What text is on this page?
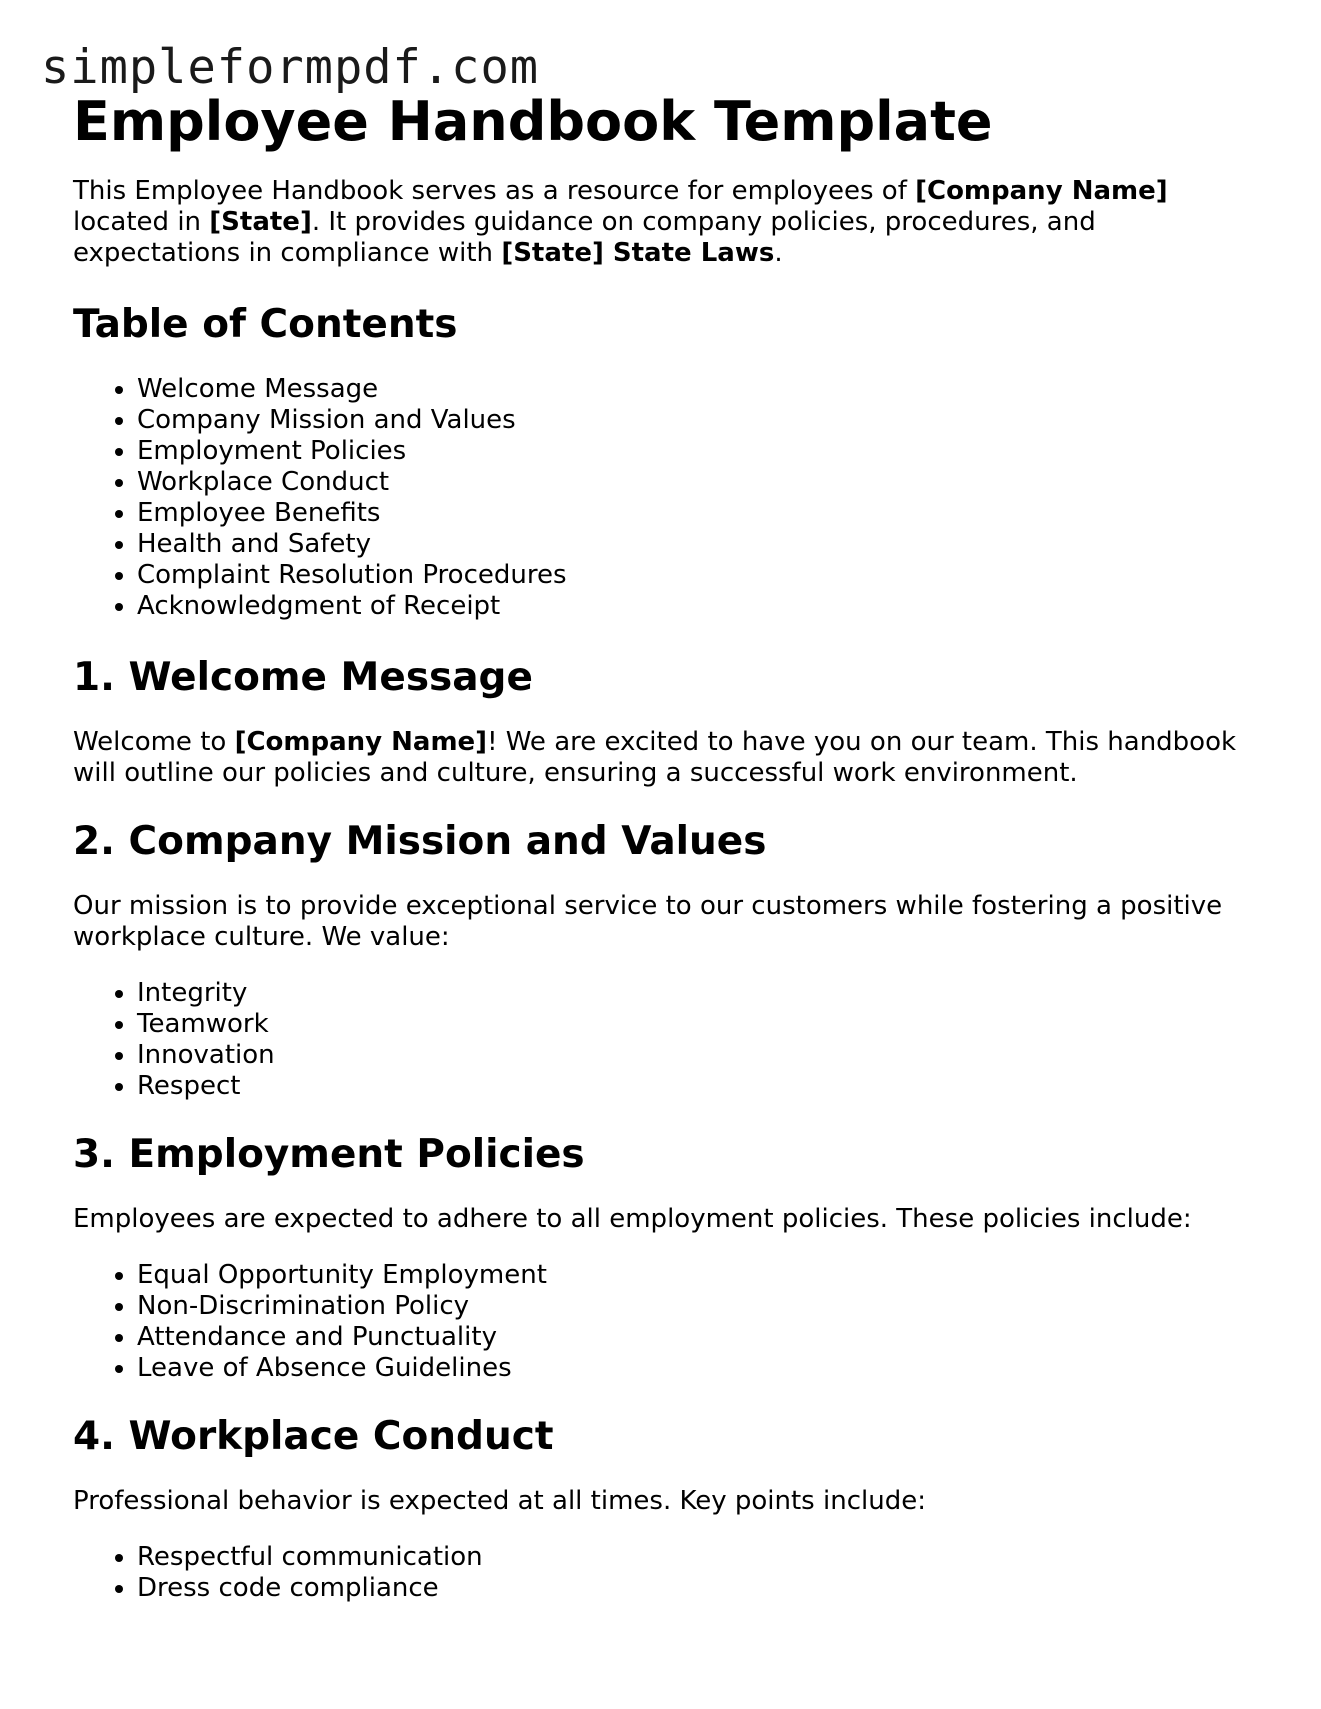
simpleformpdf.com
Employee Handbook Template

This Employee Handbook serves as a resource for employees of [Company Name] located in [State]. It provides guidance on company policies, procedures, and expectations in compliance with [State] State Laws.

Table of Contents
• Welcome Message
• Company Mission and Values
• Employment Policies
• Workplace Conduct
• Employee Benefits
• Health and Safety
• Complaint Resolution Procedures
• Acknowledgment of Receipt
1. Welcome Message

Welcome to [Company Name]! We are excited to have you on our team. This handbook will outline our policies and culture, ensuring a successful work environment.

2. Company Mission and Values

Our mission is to provide exceptional service to our customers while fostering a positive workplace culture. We value:

• Integrity
• Teamwork
• Innovation
• Respect
3. Employment Policies

Employees are expected to adhere to all employment policies. These policies include:

• Equal Opportunity Employment
• Non-Discrimination Policy
• Attendance and Punctuality
• Leave of Absence Guidelines
4. Workplace Conduct

Professional behavior is expected at all times. Key points include:

• Respectful communication
• Dress code compliance
